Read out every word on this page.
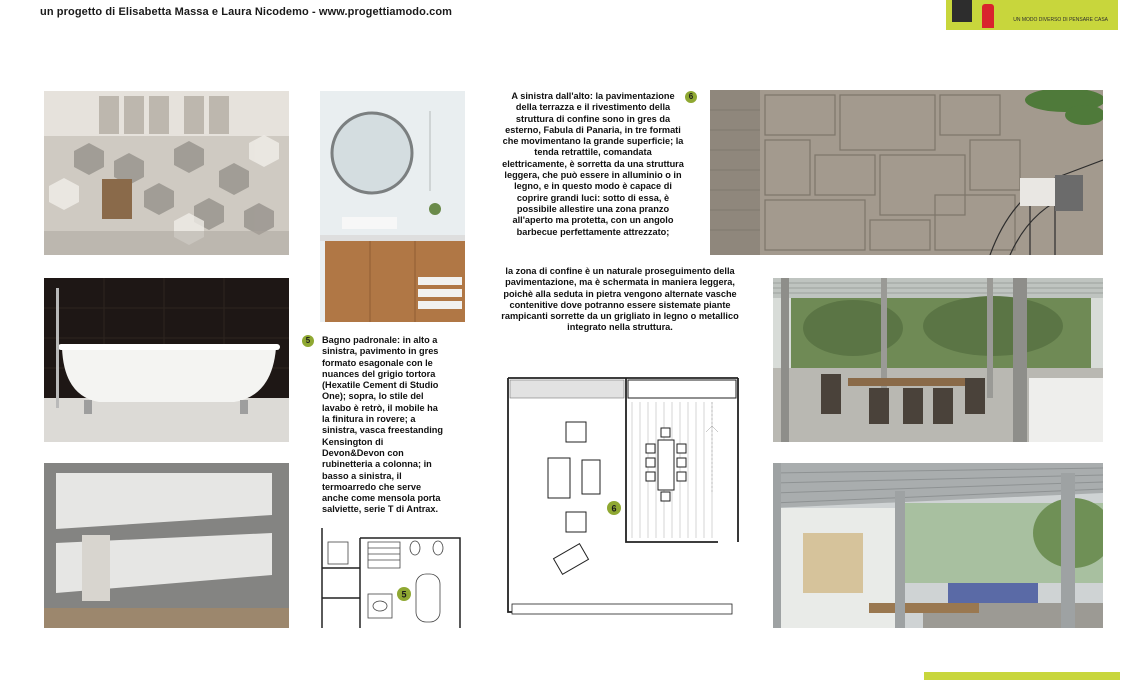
un progetto di Elisabetta Massa e Laura Nicodemo - www.progettiamodo.com
UN MODO DIVERSO DI PENSARE CASA
5	Bagno padronale: in alto a sinistra, pavimento in gres formato esagonale con le nuances del grigio tortora (Hexatile Cement di Studio One); sopra, lo stile del lavabo è retrò, il mobile ha la finitura in rovere; a sinistra, vasca freestanding Kensington di Devon&Devon con rubinetteria a colonna; in basso a sinistra, il termoarredo che serve anche come mensola porta salviette, serie T di Antrax.
5
6
A sinistra dall'alto: la pavimentazione della terrazza e il rivestimento della struttura di confine sono in gres da esterno, Fabula di Panaria, in tre formati che movimentano la grande superficie; la tenda retrattile, comandata elettricamente, è sorretta da una struttura leggera, che può essere in alluminio o in legno, e in questo modo è capace di coprire grandi luci: sotto di essa, è possibile allestire una zona pranzo all'aperto ma protetta, con un angolo barbecue perfettamente attrezzato;
la zona di confine è un naturale proseguimento della pavimentazione, ma è schermata in maniera leggera, poichè alla seduta in pietra vengono alternate vasche contenitive dove potranno essere sistemate piante rampicanti sorrette da un grigliato in legno o metallico integrato nella struttura.
6
